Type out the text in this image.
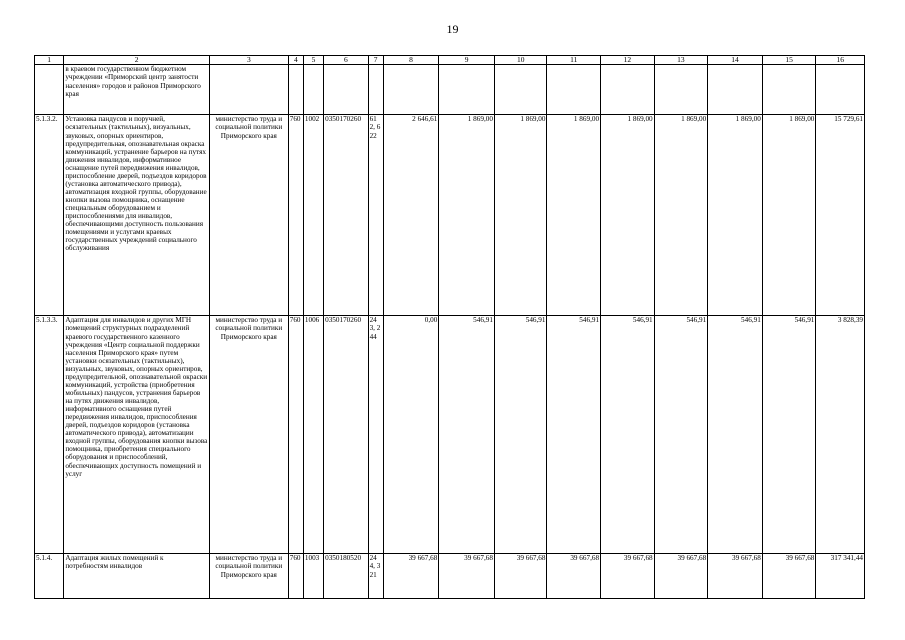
19
1	2	3	4	5	6	7	8	9	10	11	12	13	14	15	16
	в краевом государственном бюджетном учреждении «Приморский центр занятости населения» городов и районов Приморского края														
5.1.3.2.	Установка пандусов и поручней, осязательных (тактильных), визуальных, звуковых, опорных ориентиров, предупредительная, опознавательная окраска коммуникаций, устранение барьеров на путях движения инвалидов, информативное оснащение путей передвижения инвалидов, приспособление дверей, подъездов коридоров (установка автоматического привода), автоматизация входной группы, оборудование кнопки вызова помощника, оснащение специальным оборудованием и приспособлениями для инвалидов, обеспечивающими доступность пользования помещениями и услугами краевых государственных учреждений социального обслуживания	министерство труда и социальной политики Приморского края	760	1002	0350170260	612, 622	2 646,61	1 869,00	1 869,00	1 869,00	1 869,00	1 869,00	1 869,00	1 869,00	15 729,61
5.1.3.3.	Адаптация для инвалидов и других МГН помещений структурных подразделений краевого государственного казенного учреждения «Центр социальной поддержки населения Приморского края» путем установки осязательных (тактильных), визуальных, звуковых, опорных ориентиров, предупредительной, опознавательной окраски коммуникаций, устройства (приобретения мобильных) пандусов, устранения барьеров на путях движения инвалидов, информативного оснащения путей передвижения инвалидов, приспособления дверей, подъездов коридоров (установка автоматического привода), автоматизации входной группы, оборудования кнопки вызова помощника, приобретения специального оборудования и приспособлений, обеспечивающих доступность помещений и услуг	министерство труда и социальной политики Приморского края	760	1006	0350170260	243, 244	0,00	546,91	546,91	546,91	546,91	546,91	546,91	546,91	3 828,39
5.1.4.	Адаптация жилых помещений к потребностям инвалидов	министерство труда и социальной политики Приморского края	760	1003	0350180520	244, 321	39 667,68	39 667,68	39 667,68	39 667,68	39 667,68	39 667,68	39 667,68	39 667,68	317 341,44
